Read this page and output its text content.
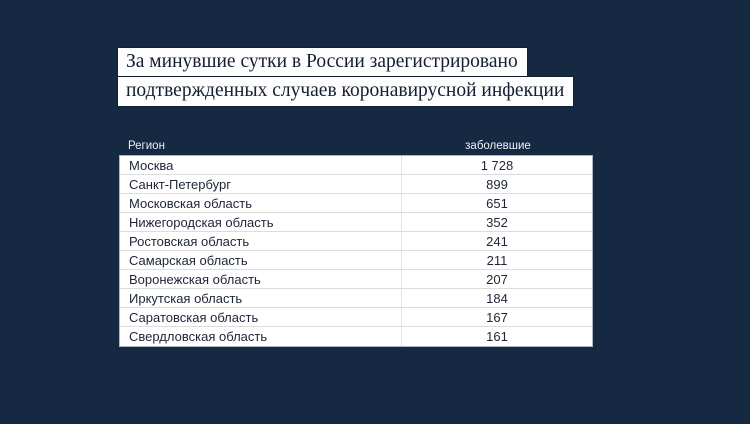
За минувшие сутки в России зарегистрировано
подтвержденных случаев коронавирусной инфекции
Регион	заболевшие
Москва	1 728
Санкт-Петербург	899
Московская область	651
Нижегородская область	352
Ростовская область	241
Самарская область	211
Воронежская область	207
Иркутская область	184
Саратовская область	167
Свердловская область	161
